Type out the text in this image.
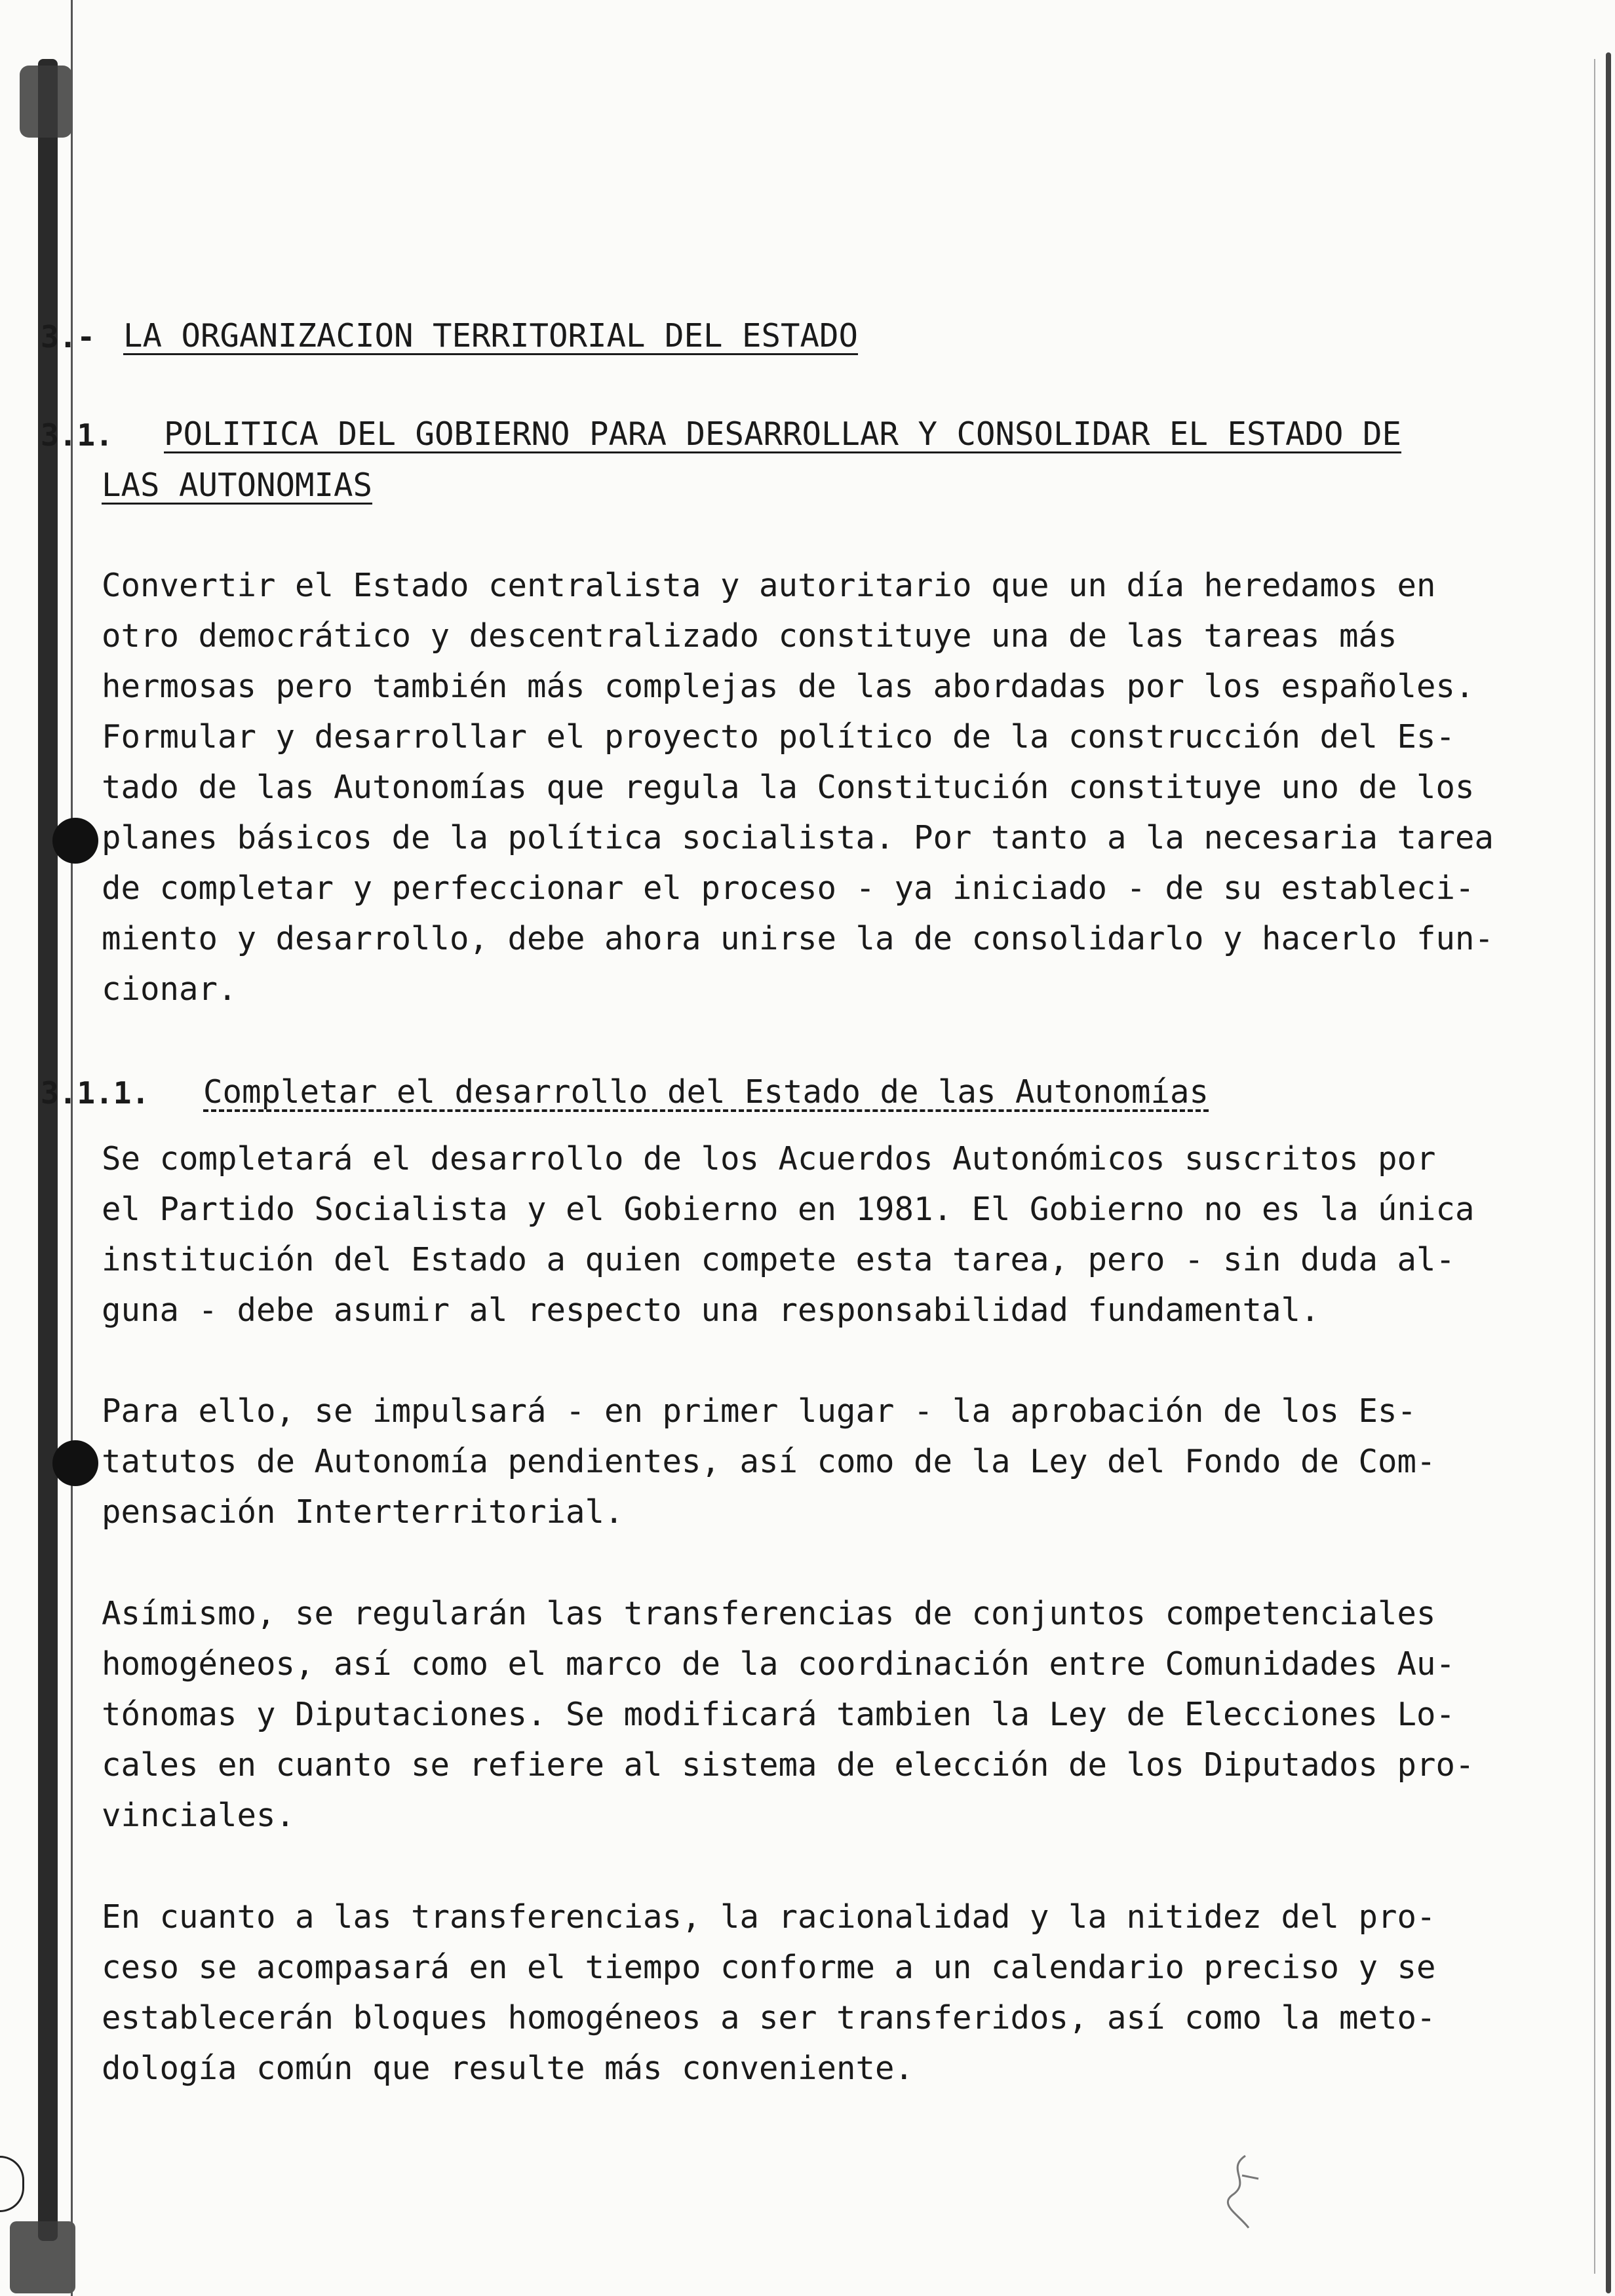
3.- LA ORGANIZACION TERRITORIAL DEL ESTADO
3.1. POLITICA DEL GOBIERNO PARA DESARROLLAR Y CONSOLIDAR EL ESTADO DE
LAS AUTONOMIAS
Convertir el Estado centralista y autoritario que un día heredamos en
otro democrático y descentralizado constituye una de las tareas más
hermosas pero también más complejas de las abordadas por los españoles.
Formular y desarrollar el proyecto político de la construcción del Es-
tado de las Autonomías que regula la Constitución constituye uno de los
planes básicos de la política socialista. Por tanto a la necesaria tarea
de completar y perfeccionar el proceso - ya iniciado - de su estableci-
miento y desarrollo, debe ahora unirse la de consolidarlo y hacerlo fun-
cionar.
3.1.1. Completar el desarrollo del Estado de las Autonomías
Se completará el desarrollo de los Acuerdos Autonómicos suscritos por
el Partido Socialista y el Gobierno en 1981. El Gobierno no es la única
institución del Estado a quien compete esta tarea, pero - sin duda al-
guna - debe asumir al respecto una responsabilidad fundamental.
Para ello, se impulsará - en primer lugar - la aprobación de los Es-
tatutos de Autonomía pendientes, así como de la Ley del Fondo de Com-
pensación Interterritorial.
Asímismo, se regularán las transferencias de conjuntos competenciales
homogéneos, así como el marco de la coordinación entre Comunidades Au-
tónomas y Diputaciones. Se modificará tambien la Ley de Elecciones Lo-
cales en cuanto se refiere al sistema de elección de los Diputados pro-
vinciales.
En cuanto a las transferencias, la racionalidad y la nitidez del pro-
ceso se acompasará en el tiempo conforme a un calendario preciso y se
establecerán bloques homogéneos a ser transferidos, así como la meto-
dología común que resulte más conveniente.
